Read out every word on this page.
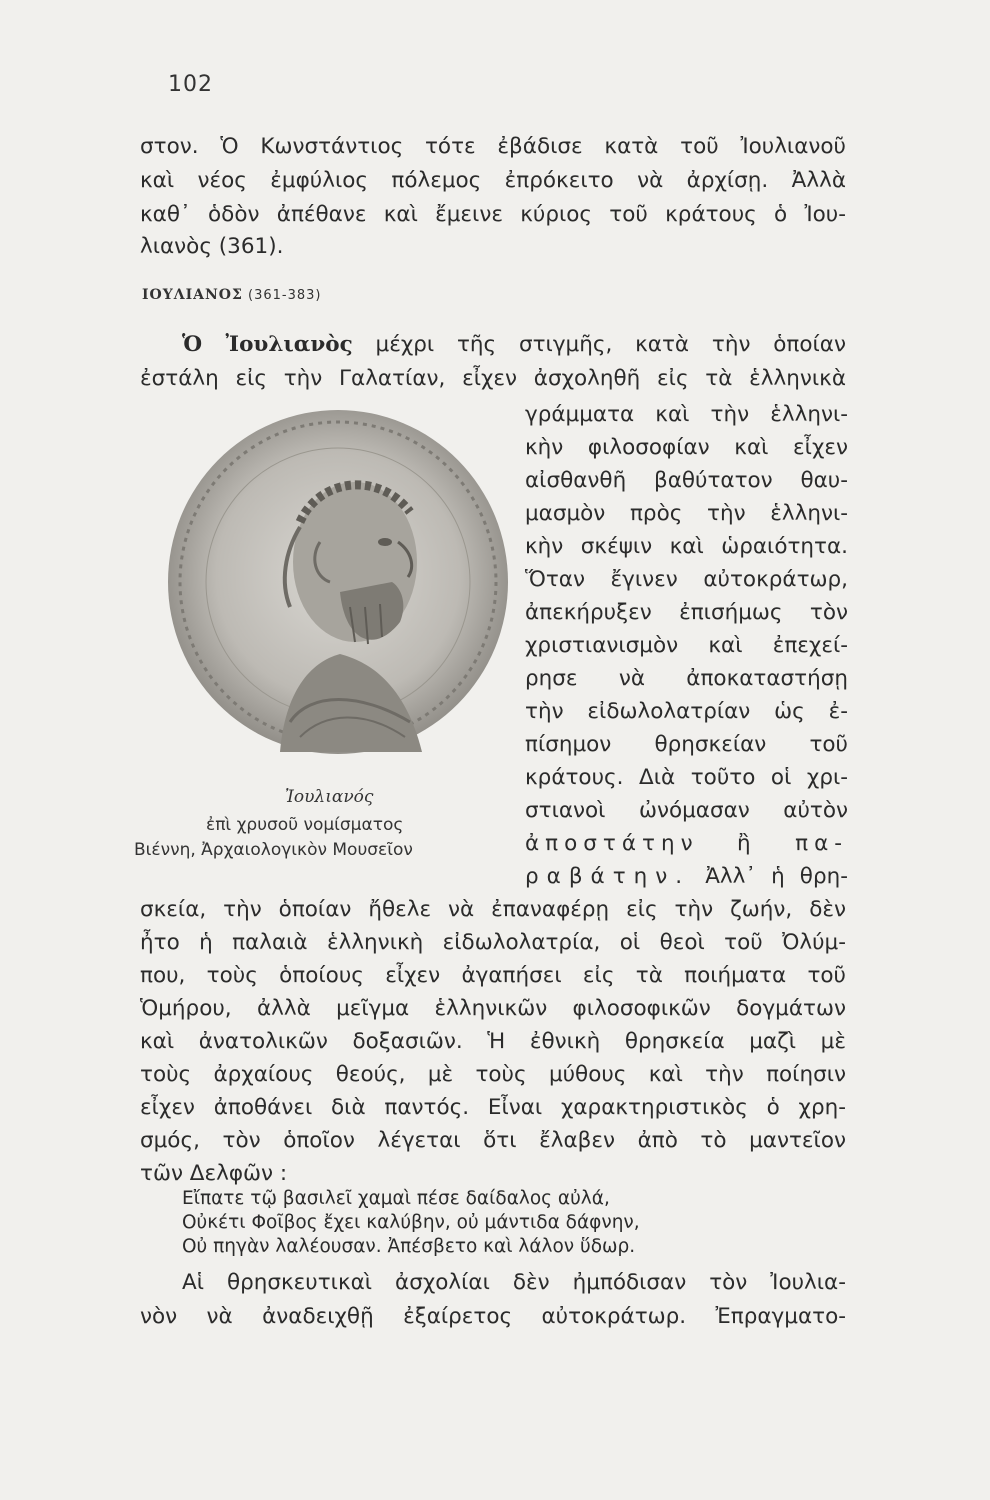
102
στον. Ὁ Κωνστάντιος τότε ἐβάδισε κατὰ τοῦ Ἰουλιανοῦ
καὶ νέος ἐμφύλιος πόλεμος ἐπρόκειτο νὰ ἀρχίσῃ. Ἀλλὰ
καθ᾽ ὁδὸν ἀπέθανε καὶ ἔμεινε κύριος τοῦ κράτους ὁ Ἰου-
λιανὸς (361).
ΙΟΥΛΙΑΝΟΣ (361-383)
Ὁ Ἰουλιανὸς μέχρι τῆς στιγμῆς, κατὰ τὴν ὁποίαν
ἐστάλη εἰς τὴν Γαλατίαν, εἶχεν ἀσχοληθῆ εἰς τὰ ἑλληνικὰ
γράμματα καὶ τὴν ἑλληνι-
κὴν φιλοσοφίαν καὶ εἶχεν
αἰσθανθῆ βαθύτατον θαυ-
μασμὸν πρὸς τὴν ἑλληνι-
κὴν σκέψιν καὶ ὡραιότητα.
Ὅταν ἔγινεν αὐτοκράτωρ,
ἀπεκήρυξεν ἐπισήμως τὸν
χριστιανισμὸν καὶ ἐπεχεί-
ρησε νὰ ἀποκαταστήσῃ
τὴν εἰδωλολατρίαν ὡς ἐ-
πίσημον θρησκείαν τοῦ
κράτους. Διὰ τοῦτο οἱ χρι-
στιανοὶ ὠνόμασαν αὐτὸν
ἀποστάτην ἢ πα-
ραβάτην. Ἀλλ᾽ ἡ θρη-
Ἰουλιανός
ἐπὶ χρυσοῦ νομίσματος
Βιέννη, Ἀρχαιολογικὸν Μουσεῖον
σκεία, τὴν ὁποίαν ἤθελε νὰ ἐπαναφέρῃ εἰς τὴν ζωήν, δὲν
ἦτο ἡ παλαιὰ ἑλληνικὴ εἰδωλολατρία, οἱ θεοὶ τοῦ Ὀλύμ-
που, τοὺς ὁποίους εἶχεν ἀγαπήσει εἰς τὰ ποιήματα τοῦ
Ὁμήρου, ἀλλὰ μεῖγμα ἑλληνικῶν φιλοσοφικῶν δογμάτων
καὶ ἀνατολικῶν δοξασιῶν. Ἡ ἐθνικὴ θρησκεία μαζὶ μὲ
τοὺς ἀρχαίους θεούς, μὲ τοὺς μύθους καὶ τὴν ποίησιν
εἶχεν ἀποθάνει διὰ παντός. Εἶναι χαρακτηριστικὸς ὁ χρη-
σμός, τὸν ὁποῖον λέγεται ὅτι ἔλαβεν ἀπὸ τὸ μαντεῖον
τῶν Δελφῶν :
Εἴπατε τῷ βασιλεῖ χαμαὶ πέσε δαίδαλος αὐλά,
Οὐκέτι Φοῖβος ἔχει καλύβην, οὐ μάντιδα δάφνην,
Οὐ πηγὰν λαλέουσαν. Ἀπέσβετο καὶ λάλον ὕδωρ.
Αἱ θρησκευτικαὶ ἀσχολίαι δὲν ἠμπόδισαν τὸν Ἰουλια-
νὸν νὰ ἀναδειχθῇ ἐξαίρετος αὐτοκράτωρ. Ἐπραγματο-
